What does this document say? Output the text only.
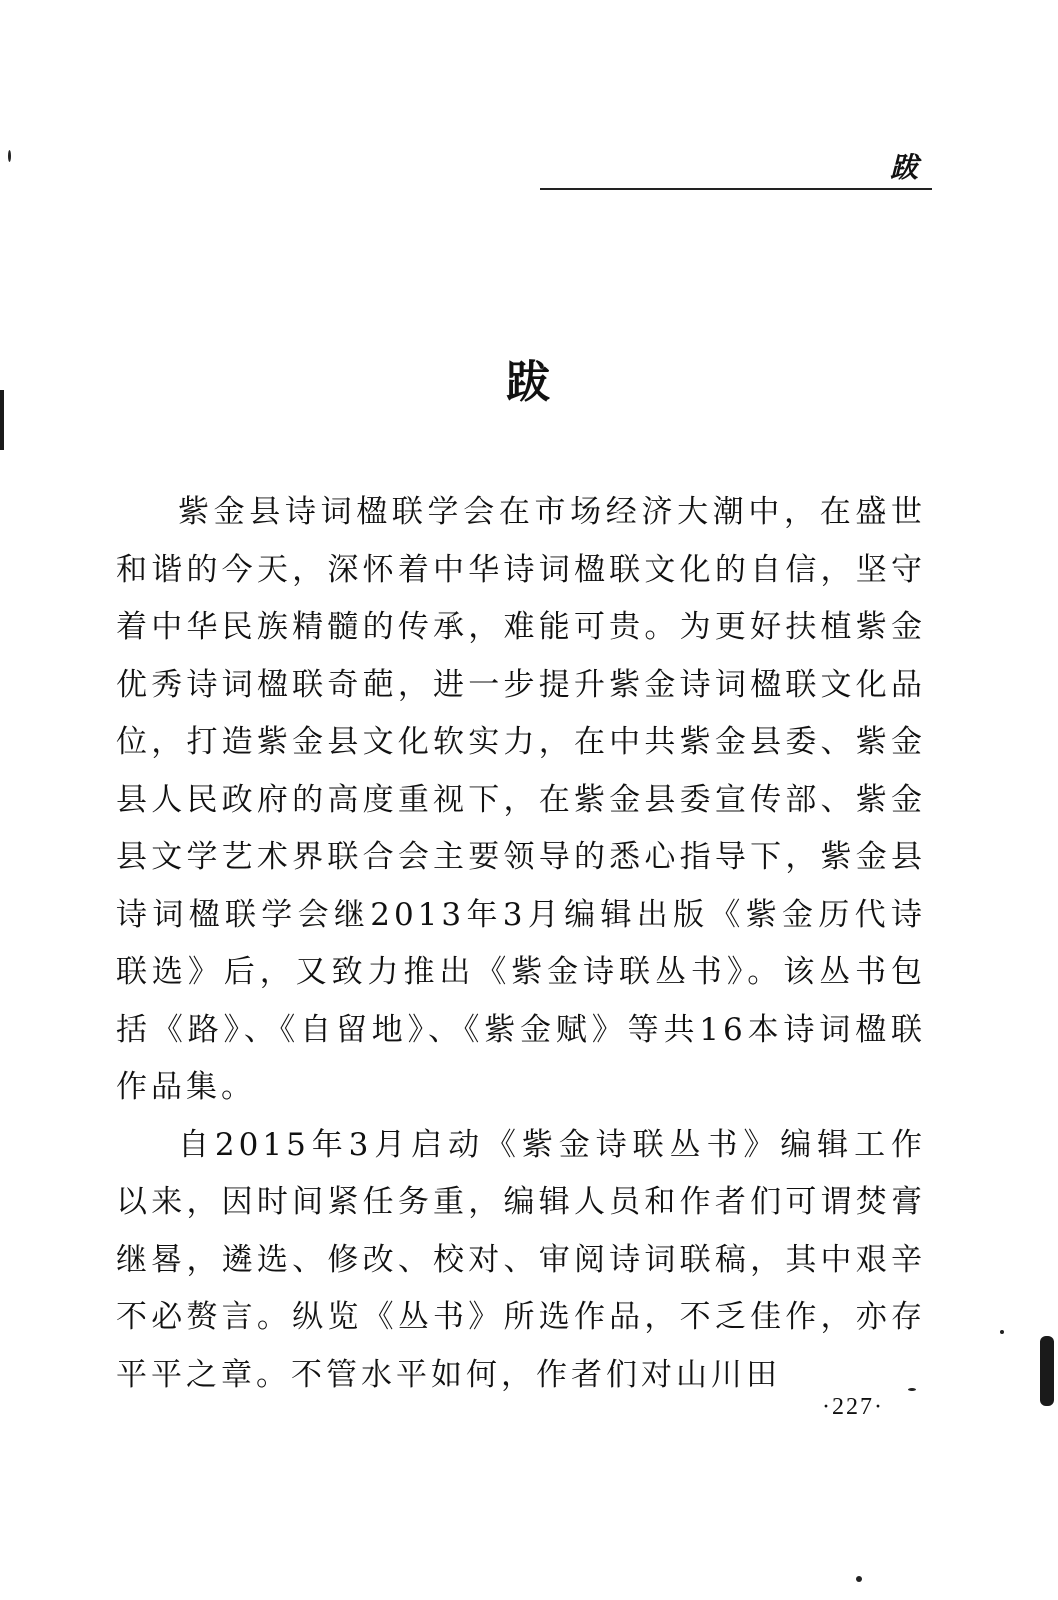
跋
跋

紫金县诗词楹联学会在市场经济大潮中，在盛世和谐的今天，深怀着中华诗词楹联文化的自信，坚守着中华民族精髓的传承，难能可贵。为更好扶植紫金优秀诗词楹联奇葩，进一步提升紫金诗词楹联文化品位，打造紫金县文化软实力，在中共紫金县委、紫金县人民政府的高度重视下，在紫金县委宣传部、紫金县文学艺术界联合会主要领导的悉心指导下，紫金县诗词楹联学会继2013年3月编辑出版《紫金历代诗联选》后，又致力推出《紫金诗联丛书》。该丛书包括《路》、《自留地》、《紫金赋》等共16本诗词楹联作品集。

自2015年3月启动《紫金诗联丛书》编辑工作以来，因时间紧任务重，编辑人员和作者们可谓焚膏继晷，遴选、修改、校对、审阅诗词联稿，其中艰辛不必赘言。纵览《丛书》所选作品，不乏佳作，亦存平平之章。不管水平如何，作者们对山川田

·227·
